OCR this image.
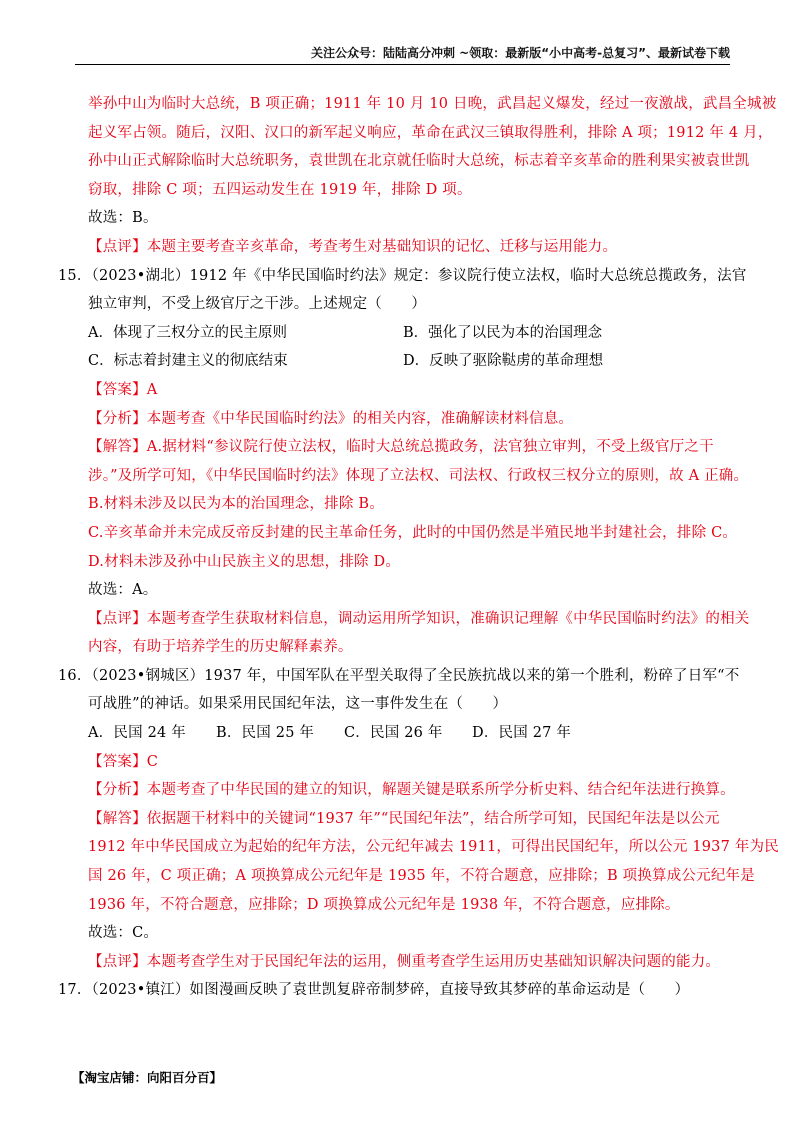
关注公众号：陆陆高分冲刺 ~领取：最新版“小中高考-总复习”、最新试卷下载
举孙中山为临时大总统，B 项正确；1911 年 10 月 10 日晚，武昌起义爆发，经过一夜激战，武昌全城被
起义军占领。随后，汉阳、汉口的新军起义响应，革命在武汉三镇取得胜利，排除 A 项；1912 年 4 月，
孙中山正式解除临时大总统职务，袁世凯在北京就任临时大总统，标志着辛亥革命的胜利果实被袁世凯
窃取，排除 C 项；五四运动发生在 1919 年，排除 D 项。
故选：B。
【点评】本题主要考查辛亥革命，考查考生对基础知识的记忆、迁移与运用能力。
15．（2023•湖北）1912 年《中华民国临时约法》规定：参议院行使立法权，临时大总统总揽政务，法官
独立审判，不受上级官厅之干涉。上述规定（　　）
A．体现了三权分立的民主原则	B．强化了以民为本的治国理念
C．标志着封建主义的彻底结束	D．反映了驱除鞑虏的革命理想
【答案】A
【分析】本题考查《中华民国临时约法》的相关内容，准确解读材料信息。
【解答】A.据材料“参议院行使立法权，临时大总统总揽政务，法官独立审判，不受上级官厅之干
涉。”及所学可知，《中华民国临时约法》体现了立法权、司法权、行政权三权分立的原则，故 A 正确。
B.材料未涉及以民为本的治国理念，排除 B。
C.辛亥革命并未完成反帝反封建的民主革命任务，此时的中国仍然是半殖民地半封建社会，排除 C。
D.材料未涉及孙中山民族主义的思想，排除 D。
故选：A。
【点评】本题考查学生获取材料信息，调动运用所学知识，准确识记理解《中华民国临时约法》的相关
内容，有助于培养学生的历史解释素养。
16．（2023•钢城区）1937 年，中国军队在平型关取得了全民族抗战以来的第一个胜利，粉碎了日军“不
可战胜”的神话。如果采用民国纪年法，这一事件发生在（　　）
A．民国 24 年 B．民国 25 年 C．民国 26 年 D．民国 27 年
【答案】C
【分析】本题考查了中华民国的建立的知识，解题关键是联系所学分析史料、结合纪年法进行换算。
【解答】依据题干材料中的关键词“1937 年”“民国纪年法”，结合所学可知，民国纪年法是以公元
1912 年中华民国成立为起始的纪年方法，公元纪年减去 1911，可得出民国纪年，所以公元 1937 年为民
国 26 年，C 项正确；A 项换算成公元纪年是 1935 年，不符合题意，应排除；B 项换算成公元纪年是
1936 年，不符合题意，应排除；D 项换算成公元纪年是 1938 年，不符合题意，应排除。
故选：C。
【点评】本题考查学生对于民国纪年法的运用，侧重考查学生运用历史基础知识解决问题的能力。
17．（2023•镇江）如图漫画反映了袁世凯复辟帝制梦碎，直接导致其梦碎的革命运动是（　　）
【淘宝店铺：向阳百分百】
